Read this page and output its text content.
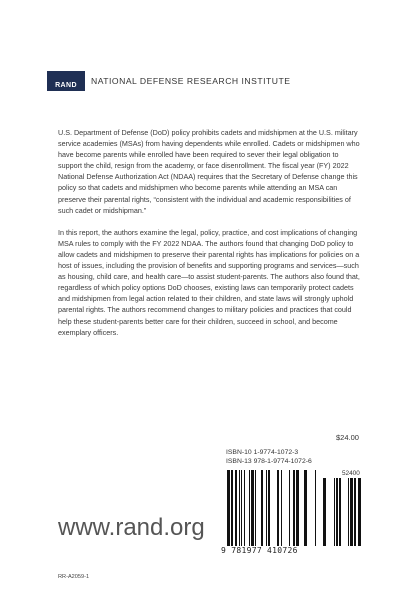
RAND NATIONAL DEFENSE RESEARCH INSTITUTE

U.S. Department of Defense (DoD) policy prohibits cadets and midshipmen at the U.S. military service academies (MSAs) from having dependents while enrolled. Cadets or midshipmen who have become parents while enrolled have been required to sever their legal obligation to support the child, resign from the academy, or face disenrollment. The fiscal year (FY) 2022 National Defense Authorization Act (NDAA) requires that the Secretary of Defense change this policy so that cadets and midshipmen who become parents while attending an MSA can preserve their parental rights, “consistent with the individual and academic responsibilities of such cadet or midshipman.”

In this report, the authors examine the legal, policy, practice, and cost implications of changing MSA rules to comply with the FY 2022 NDAA. The authors found that changing DoD policy to allow cadets and midshipmen to preserve their parental rights has implications for policies on a host of issues, including the provision of benefits and supporting programs and services—such as housing, child care, and health care—to assist student-parents. The authors also found that, regardless of which policy options DoD chooses, existing laws can temporarily protect cadets and midshipmen from legal action related to their children, and state laws will strongly uphold parental rights. The authors recommend changes to military policies and practices that could help these student-parents better care for their children, succeed in school, and become exemplary officers.

$24.00
ISBN-10 1-9774-1072-3
ISBN-13 978-1-9774-1072-6
52400
9 781977 410726
www.rand.org
RR-A2059-1
